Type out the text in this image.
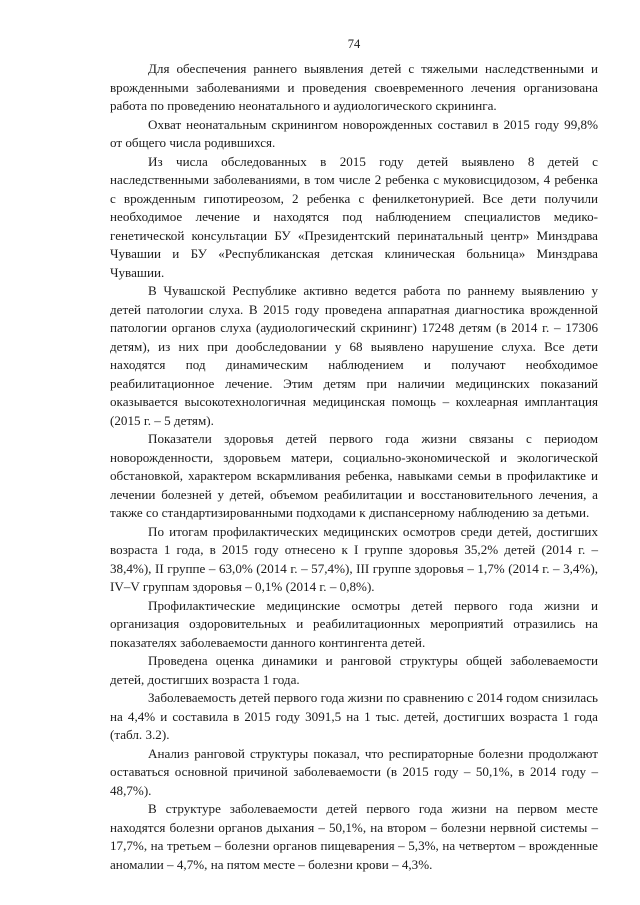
74

Для обеспечения раннего выявления детей с тяжелыми наследственными и врожденными заболеваниями и проведения своевременного лечения организована работа по проведению неонатального и аудиологического скрининга.

Охват неонатальным скринингом новорожденных составил в 2015 году 99,8% от общего числа родившихся.

Из числа обследованных в 2015 году детей выявлено 8 детей с наследственными заболеваниями, в том числе 2 ребенка с муковисцидозом, 4 ребенка с врожденным гипотиреозом, 2 ребенка с фенилкетонурией. Все дети получили необходимое лечение и находятся под наблюдением специалистов медико-генетической консультации БУ «Президентский перинатальный центр» Минздрава Чувашии и БУ «Республиканская детская клиническая больница» Минздрава Чувашии.

В Чувашской Республике активно ведется работа по раннему выявлению у детей патологии слуха. В 2015 году проведена аппаратная диагностика врожденной патологии органов слуха (аудиологический скрининг) 17248 детям (в 2014 г. – 17306 детям), из них при дообследовании у 68 выявлено нарушение слуха. Все дети находятся под динамическим наблюдением и получают необходимое реабилитационное лечение. Этим детям при наличии медицинских показаний оказывается высокотехнологичная медицинская помощь – кохлеарная имплантация (2015 г. – 5 детям).

Показатели здоровья детей первого года жизни связаны с периодом новорожденности, здоровьем матери, социально-экономической и экологической обстановкой, характером вскармливания ребенка, навыками семьи в профилактике и лечении болезней у детей, объемом реабилитации и восстановительного лечения, а также со стандартизированными подходами к диспансерному наблюдению за детьми.

По итогам профилактических медицинских осмотров среди детей, достигших возраста 1 года, в 2015 году отнесено к I группе здоровья 35,2% детей (2014 г. – 38,4%), II группе – 63,0% (2014 г. – 57,4%), III группе здоровья – 1,7% (2014 г. – 3,4%), IV–V группам здоровья – 0,1% (2014 г. – 0,8%).

Профилактические медицинские осмотры детей первого года жизни и организация оздоровительных и реабилитационных мероприятий отразились на показателях заболеваемости данного контингента детей.

Проведена оценка динамики и ранговой структуры общей заболеваемости детей, достигших возраста 1 года.

Заболеваемость детей первого года жизни по сравнению с 2014 годом снизилась на 4,4% и составила в 2015 году 3091,5 на 1 тыс. детей, достигших возраста 1 года (табл. 3.2).

Анализ ранговой структуры показал, что респираторные болезни продолжают оставаться основной причиной заболеваемости (в 2015 году – 50,1%, в 2014 году – 48,7%).

В структуре заболеваемости детей первого года жизни на первом месте находятся болезни органов дыхания – 50,1%, на втором – болезни нервной системы – 17,7%, на третьем – болезни органов пищеварения – 5,3%, на четвертом – врожденные аномалии – 4,7%, на пятом месте – болезни крови – 4,3%.
